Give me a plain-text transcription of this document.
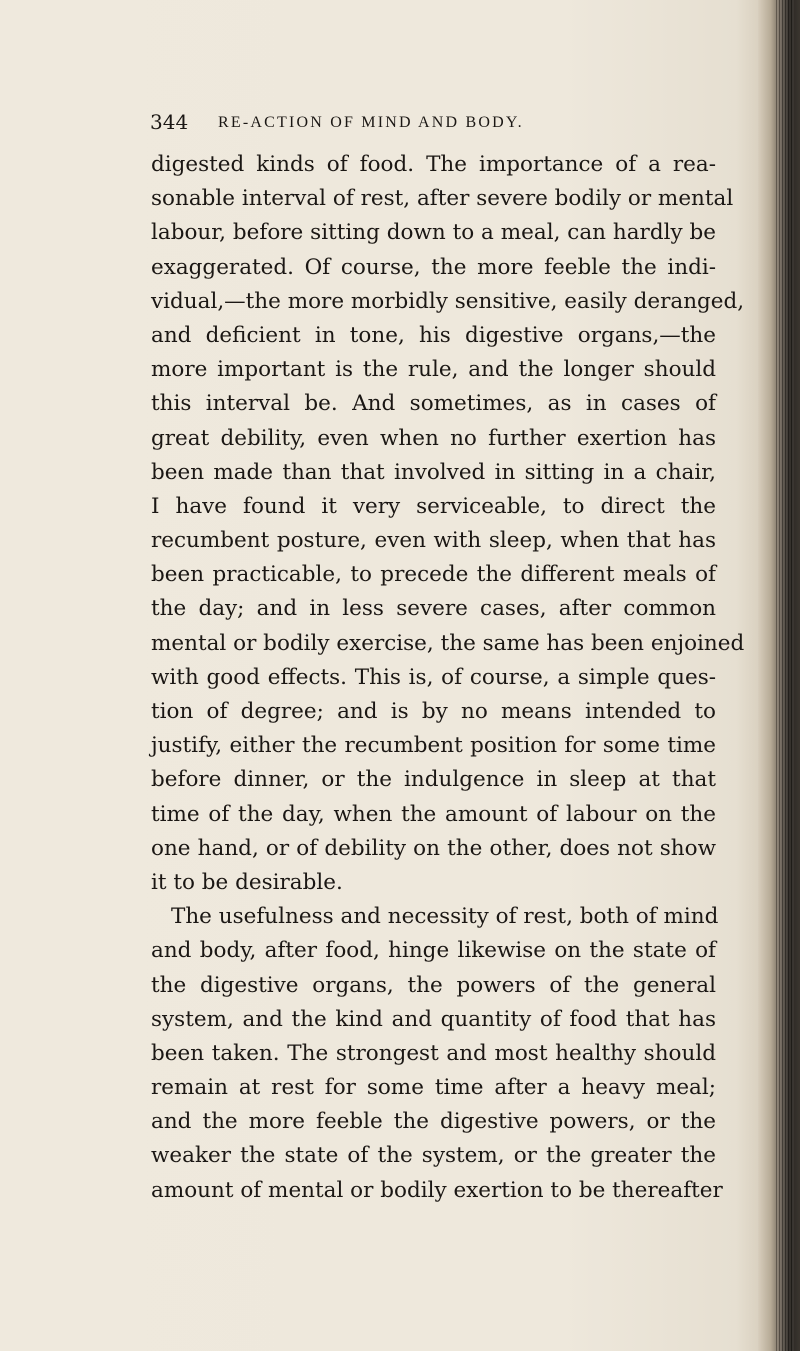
344 RE-ACTION OF MIND AND BODY.
digested kinds of food. The importance of a rea-
sonable interval of rest, after severe bodily or mental
labour, before sitting down to a meal, can hardly be
exaggerated. Of course, the more feeble the indi-
vidual,—the more morbidly sensitive, easily deranged,
and deficient in tone, his digestive organs,—the
more important is the rule, and the longer should
this interval be. And sometimes, as in cases of
great debility, even when no further exertion has
been made than that involved in sitting in a chair,
I have found it very serviceable, to direct the
recumbent posture, even with sleep, when that has
been practicable, to precede the different meals of
the day; and in less severe cases, after common
mental or bodily exercise, the same has been enjoined
with good effects. This is, of course, a simple ques-
tion of degree; and is by no means intended to
justify, either the recumbent position for some time
before dinner, or the indulgence in sleep at that
time of the day, when the amount of labour on the
one hand, or of debility on the other, does not show
it to be desirable.
The usefulness and necessity of rest, both of mind
and body, after food, hinge likewise on the state of
the digestive organs, the powers of the general
system, and the kind and quantity of food that has
been taken. The strongest and most healthy should
remain at rest for some time after a heavy meal;
and the more feeble the digestive powers, or the
weaker the state of the system, or the greater the
amount of mental or bodily exertion to be thereafter
